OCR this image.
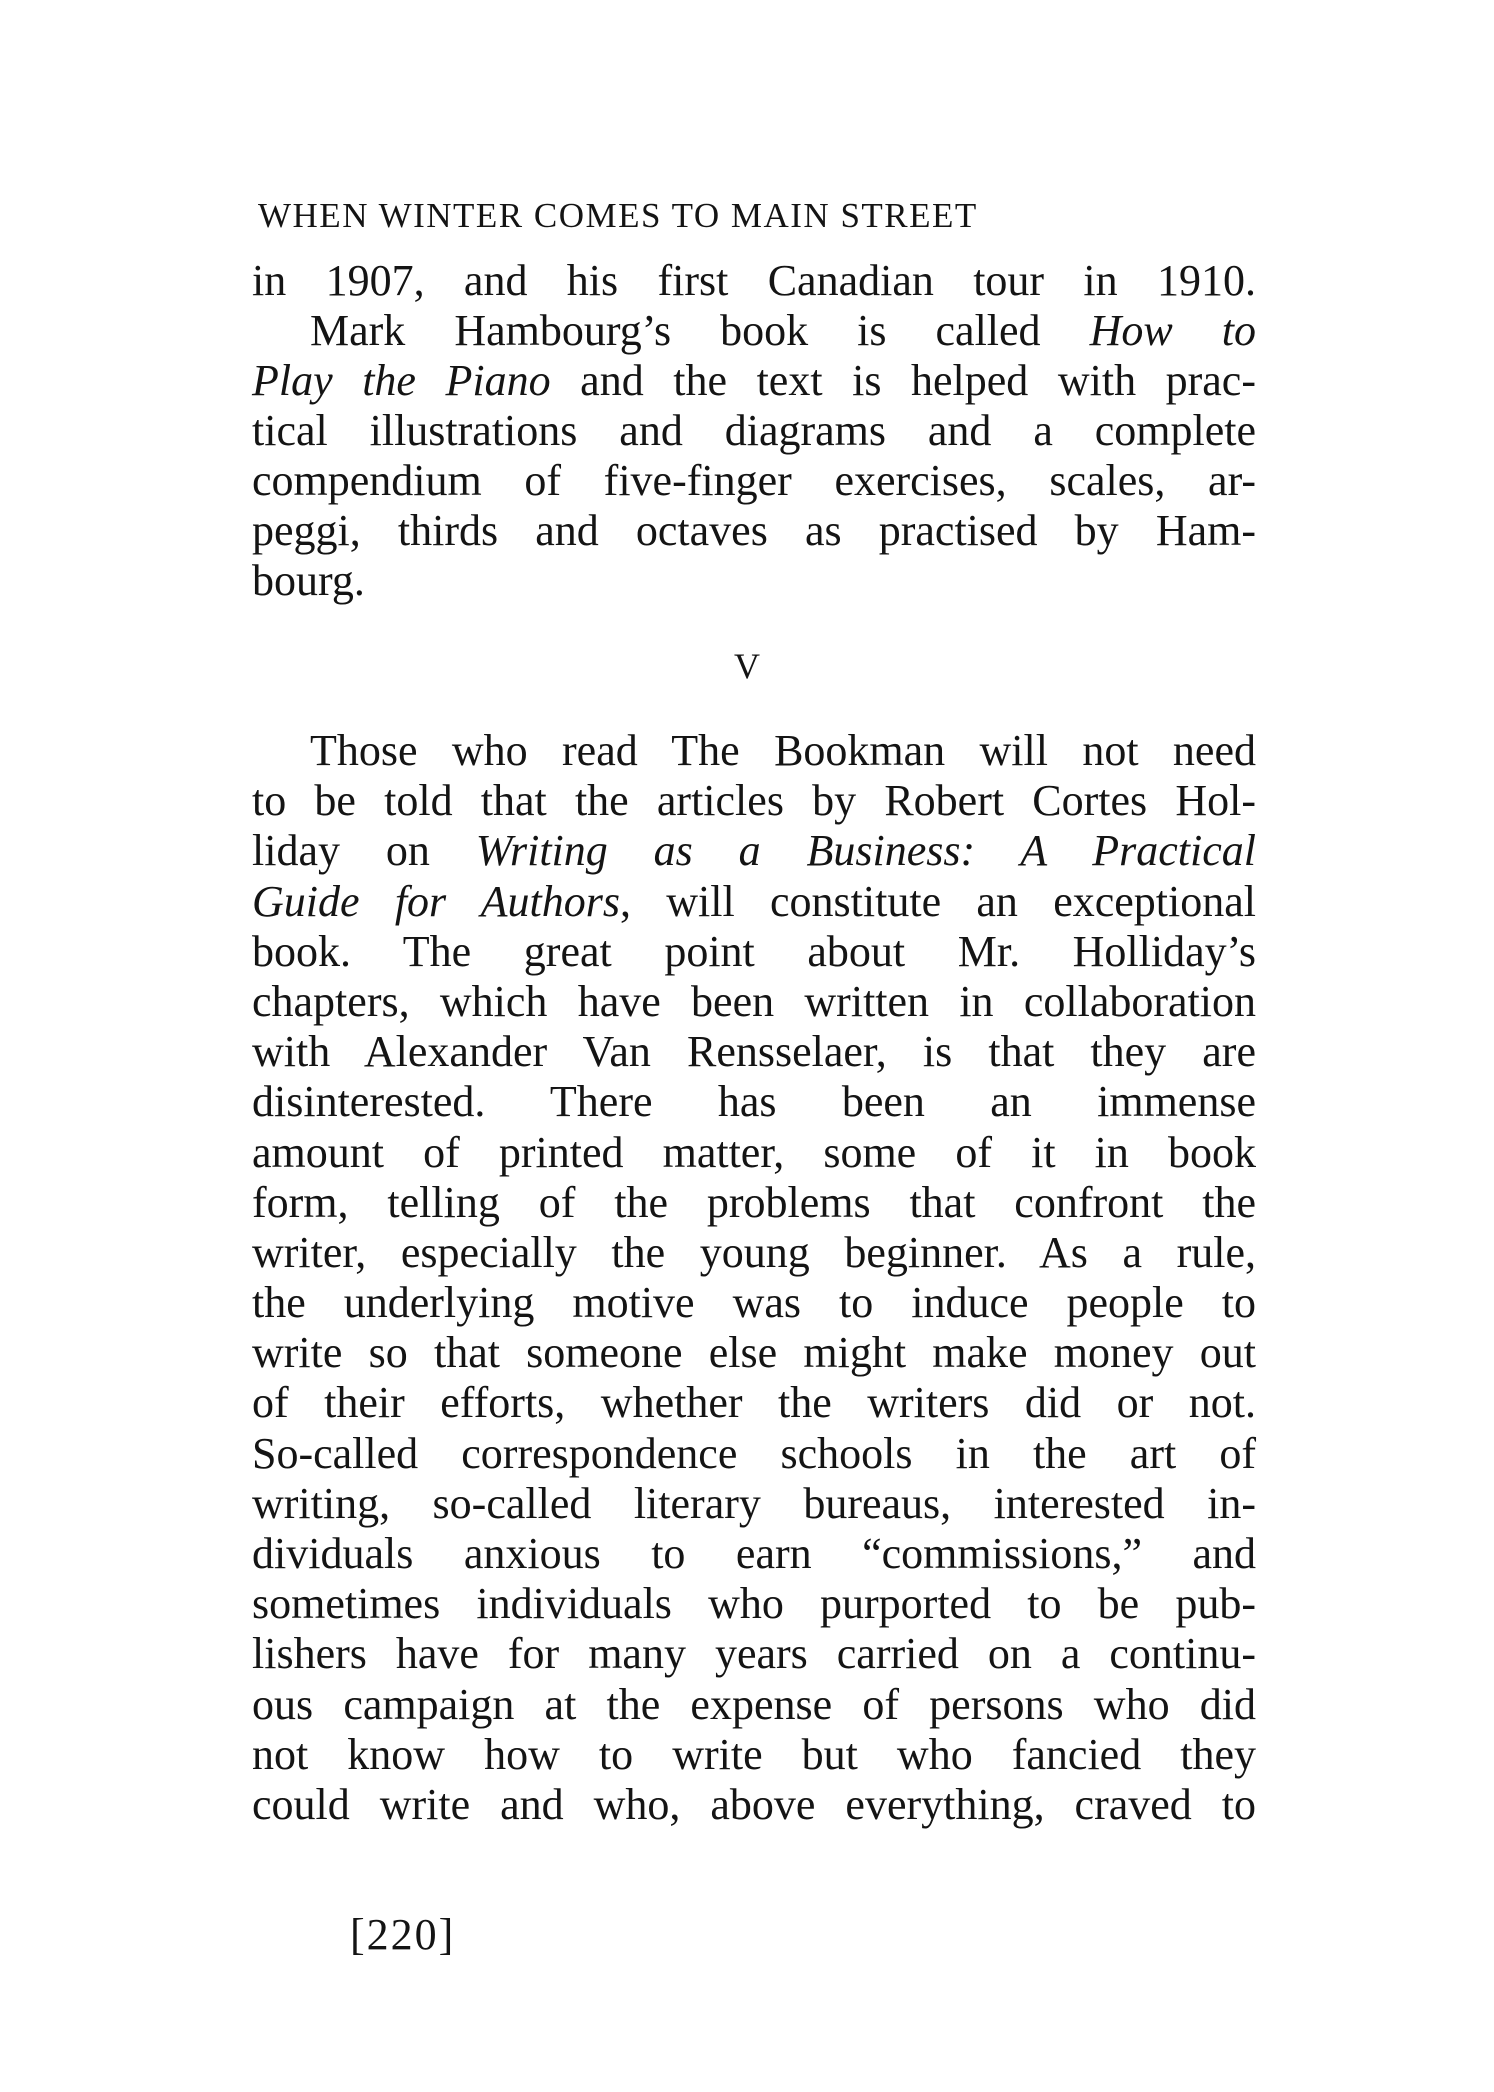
WHEN WINTER COMES TO MAIN STREET
in 1907, and his first Canadian tour in 1910.
Mark Hambourg’s book is called How to
Play the Piano and the text is helped with prac-
tical illustrations and diagrams and a complete
compendium of five-finger exercises, scales, ar-
peggi, thirds and octaves as practised by Ham-
bourg.
V
Those who read The Bookman will not need
to be told that the articles by Robert Cortes Hol-
liday on Writing as a Business: A Practical
Guide for Authors, will constitute an exceptional
book. The great point about Mr. Holliday’s
chapters, which have been written in collaboration
with Alexander Van Rensselaer, is that they are
disinterested. There has been an immense
amount of printed matter, some of it in book
form, telling of the problems that confront the
writer, especially the young beginner. As a rule,
the underlying motive was to induce people to
write so that someone else might make money out
of their efforts, whether the writers did or not.
So-called correspondence schools in the art of
writing, so-called literary bureaus, interested in-
dividuals anxious to earn “commissions,” and
sometimes individuals who purported to be pub-
lishers have for many years carried on a continu-
ous campaign at the expense of persons who did
not know how to write but who fancied they
could write and who, above everything, craved to
[220]
